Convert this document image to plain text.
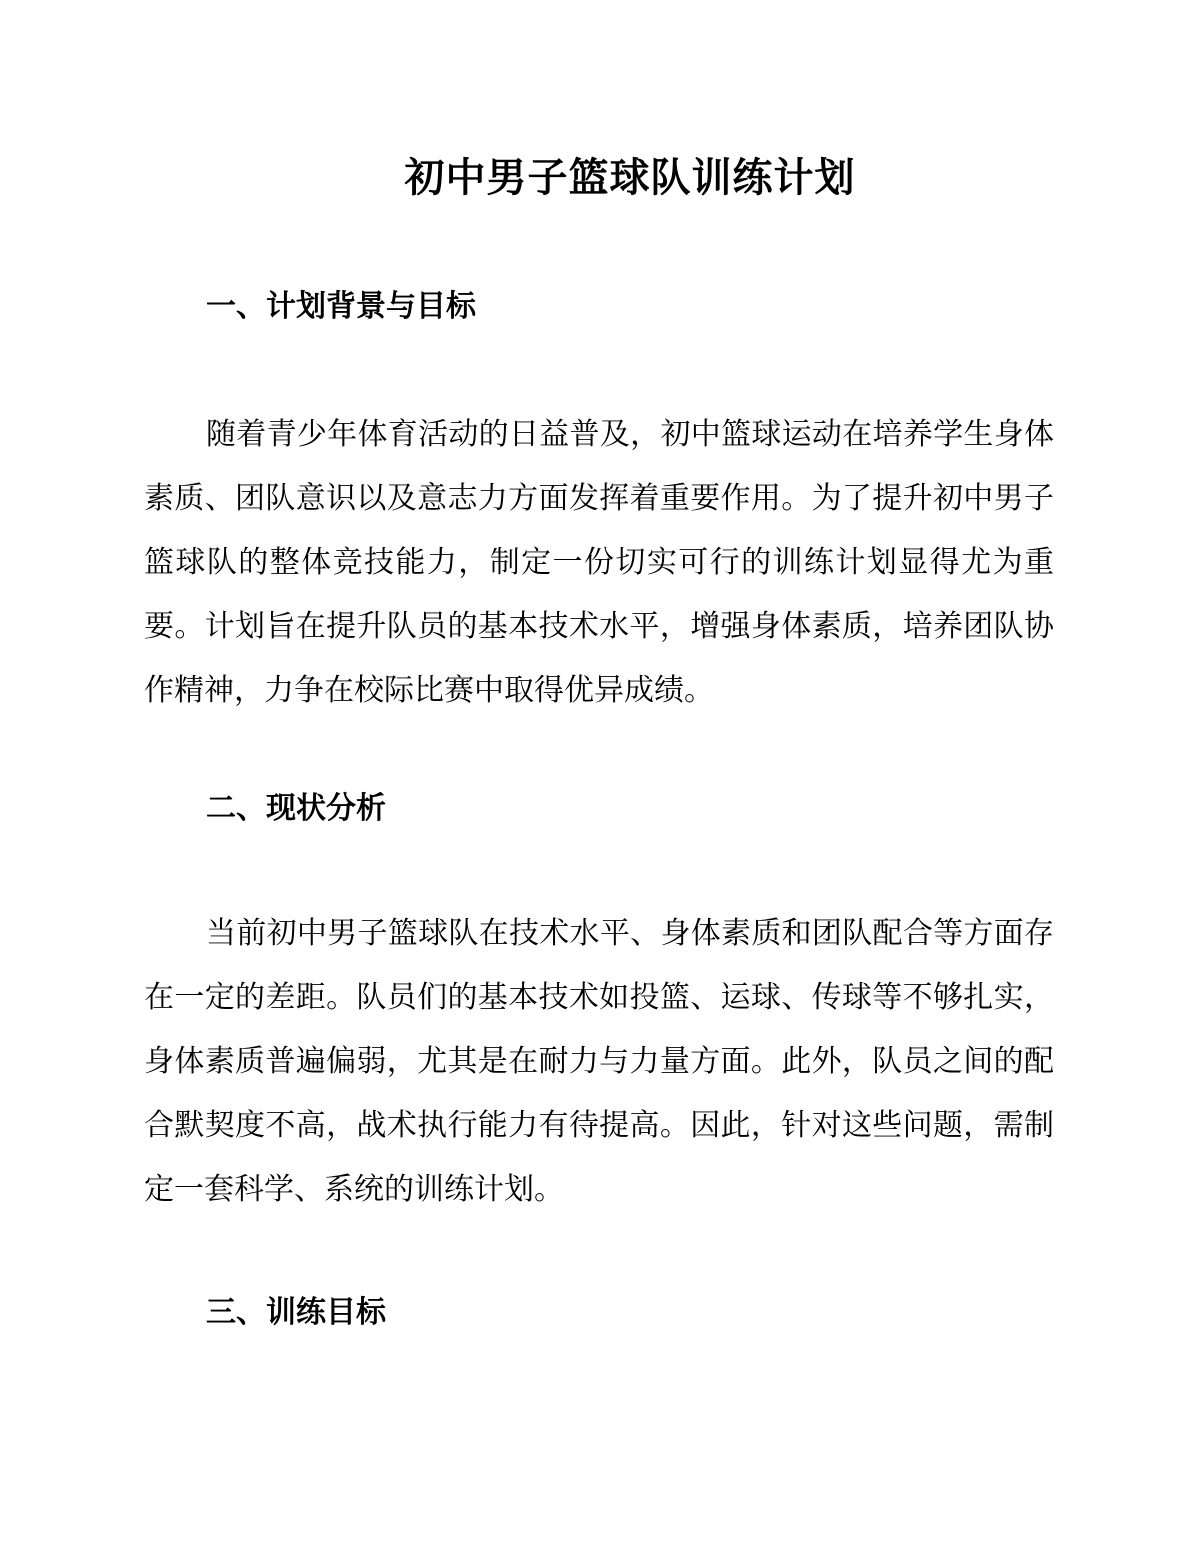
初中男子篮球队训练计划
一、计划背景与目标

随着青少年体育活动的日益普及，初中篮球运动在培养学生身体素质、团队意识以及意志力方面发挥着重要作用。为了提升初中男子篮球队的整体竞技能力，制定一份切实可行的训练计划显得尤为重要。计划旨在提升队员的基本技术水平，增强身体素质，培养团队协作精神，力争在校际比赛中取得优异成绩。

二、现状分析

当前初中男子篮球队在技术水平、身体素质和团队配合等方面存在一定的差距。队员们的基本技术如投篮、运球、传球等不够扎实，身体素质普遍偏弱，尤其是在耐力与力量方面。此外，队员之间的配合默契度不高，战术执行能力有待提高。因此，针对这些问题，需制定一套科学、系统的训练计划。

三、训练目标
